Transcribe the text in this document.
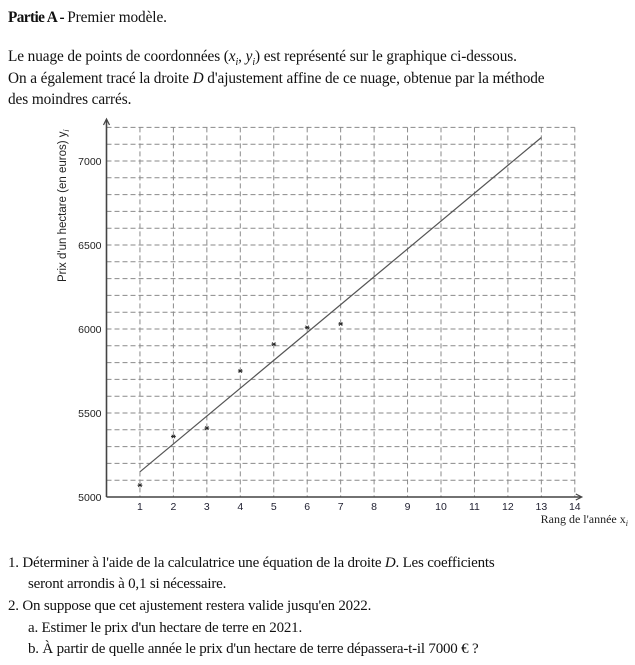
Partie A - Premier modèle.
Le nuage de points de coordonnées ($x_i$, $y_i$) est représenté sur le graphique ci-dessous.
On a également tracé la droite D d'ajustement affine de ce nuage, obtenue par la méthode
des moindres carrés.
5000
5500
6000
6500
7000
1	2	3	4	5	6	7	8	9 10 11 12 13 14
Prix d'un hectare (en euros) $y_i$
Rang de l'année $x_i$
1. Déterminer à l'aide de la calculatrice une équation de la droite D. Les coefficients
seront arrondis à 0,1 si nécessaire.
2. On suppose que cet ajustement restera valide jusqu'en 2022.
a. Estimer le prix d'un hectare de terre en 2021.
b. À partir de quelle année le prix d'un hectare de terre dépassera-t-il 7000 € ?
